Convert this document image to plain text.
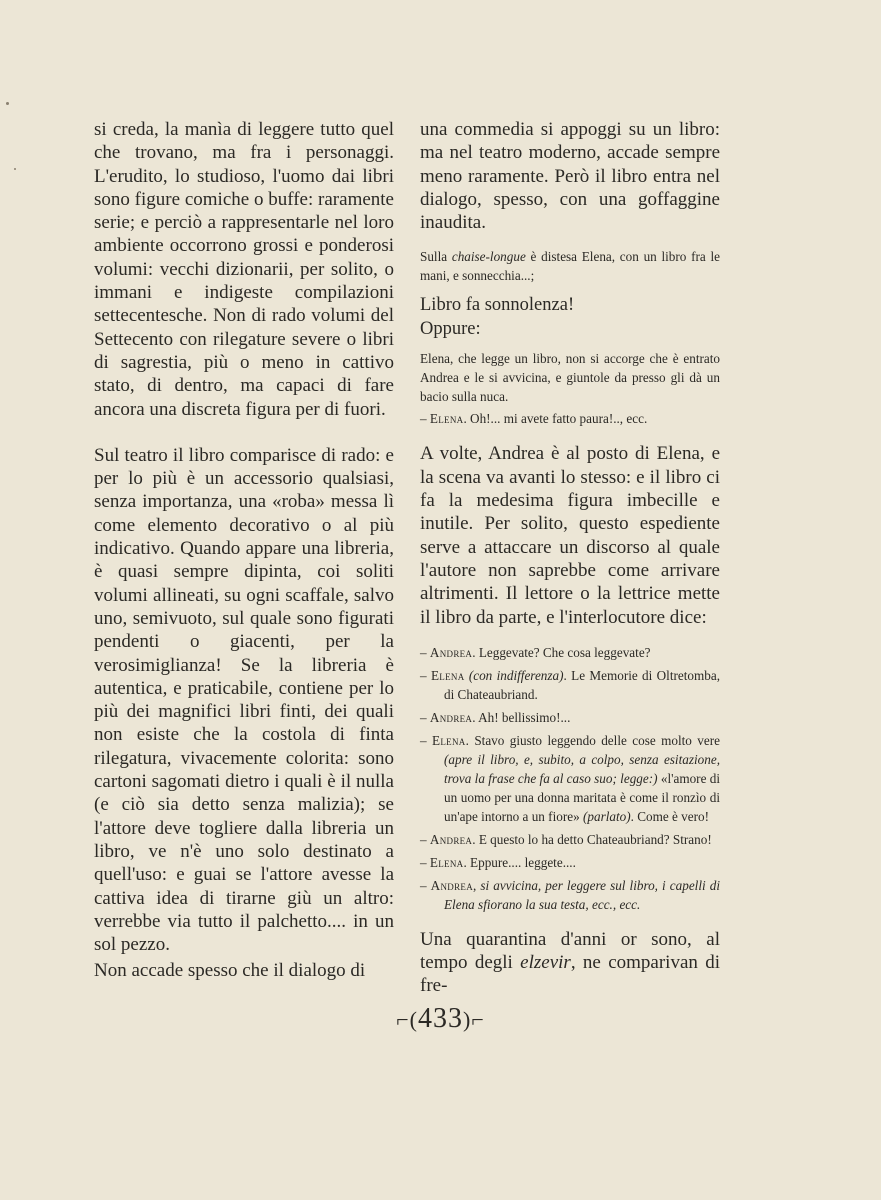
si creda, la manìa di leggere tutto quel che trovano, ma fra i personaggi. L'erudito, lo studioso, l'uomo dai libri sono figure comiche o buffe: raramente serie; e perciò a rappresentarle nel loro ambiente occorrono grossi e ponderosi volumi: vecchi dizionarii, per solito, o immani e indigeste compilazioni settecentesche. Non di rado volumi del Settecento con rilegature severe o libri di sagrestia, più o meno in cattivo stato, di dentro, ma capaci di fare ancora una discreta figura per di fuori.

Sul teatro il libro comparisce di rado: e per lo più è un accessorio qualsiasi, senza importanza, una «roba» messa lì come elemento decorativo o al più indicativo. Quando appare una libreria, è quasi sempre dipinta, coi soliti volumi allineati, su ogni scaffale, salvo uno, semivuoto, sul quale sono figurati pendenti o giacenti, per la verosimiglianza! Se la libreria è autentica, e praticabile, contiene per lo più dei magnifici libri finti, dei quali non esiste che la costola di finta rilegatura, vivacemente colorita: sono cartoni sagomati dietro i quali è il nulla (e ciò sia detto senza malizia); se l'attore deve togliere dalla libreria un libro, ve n'è uno solo destinato a quell'uso: e guai se l'attore avesse la cattiva idea di tirarne giù un altro: verrebbe via tutto il palchetto.... in un sol pezzo.

Non accade spesso che il dialogo di

una commedia si appoggi su un libro: ma nel teatro moderno, accade sempre meno raramente. Però il libro entra nel dialogo, spesso, con una goffaggine inaudita.

Sulla chaise-longue è distesa Elena, con un libro fra le mani, e sonnecchia...;

Libro fa sonnolenza!

Oppure:

Elena, che legge un libro, non si accorge che è entrato Andrea e le si avvicina, e giuntole da presso gli dà un bacio sulla nuca.

– Elena. Oh!... mi avete fatto paura!.., ecc.

A volte, Andrea è al posto di Elena, e la scena va avanti lo stesso: e il libro ci fa la medesima figura imbecille e inutile. Per solito, questo espediente serve a attaccare un discorso al quale l'autore non saprebbe come arrivare altrimenti. Il lettore o la lettrice mette il libro da parte, e l'interlocutore dice:

– Andrea. Leggevate? Che cosa leggevate?

– Elena (con indifferenza). Le Memorie di Oltretomba, di Chateaubriand.

– Andrea. Ah! bellissimo!...

– Elena. Stavo giusto leggendo delle cose molto vere (apre il libro, e, subito, a colpo, senza esitazione, trova la frase che fa al caso suo; legge:) «l'amore di un uomo per una donna maritata è come il ronzìo di un'ape intorno a un fiore» (parlato). Come è vero!

– Andrea. E questo lo ha detto Chateaubriand? Strano!

– Elena. Eppure.... leggete....

– Andrea, si avvicina, per leggere sul libro, i capelli di Elena sfiorano la sua testa, ecc., ecc.

Una quarantina d'anni or sono, al tempo degli elzevir, ne comparivan di fre-

⌐(433)⌐
